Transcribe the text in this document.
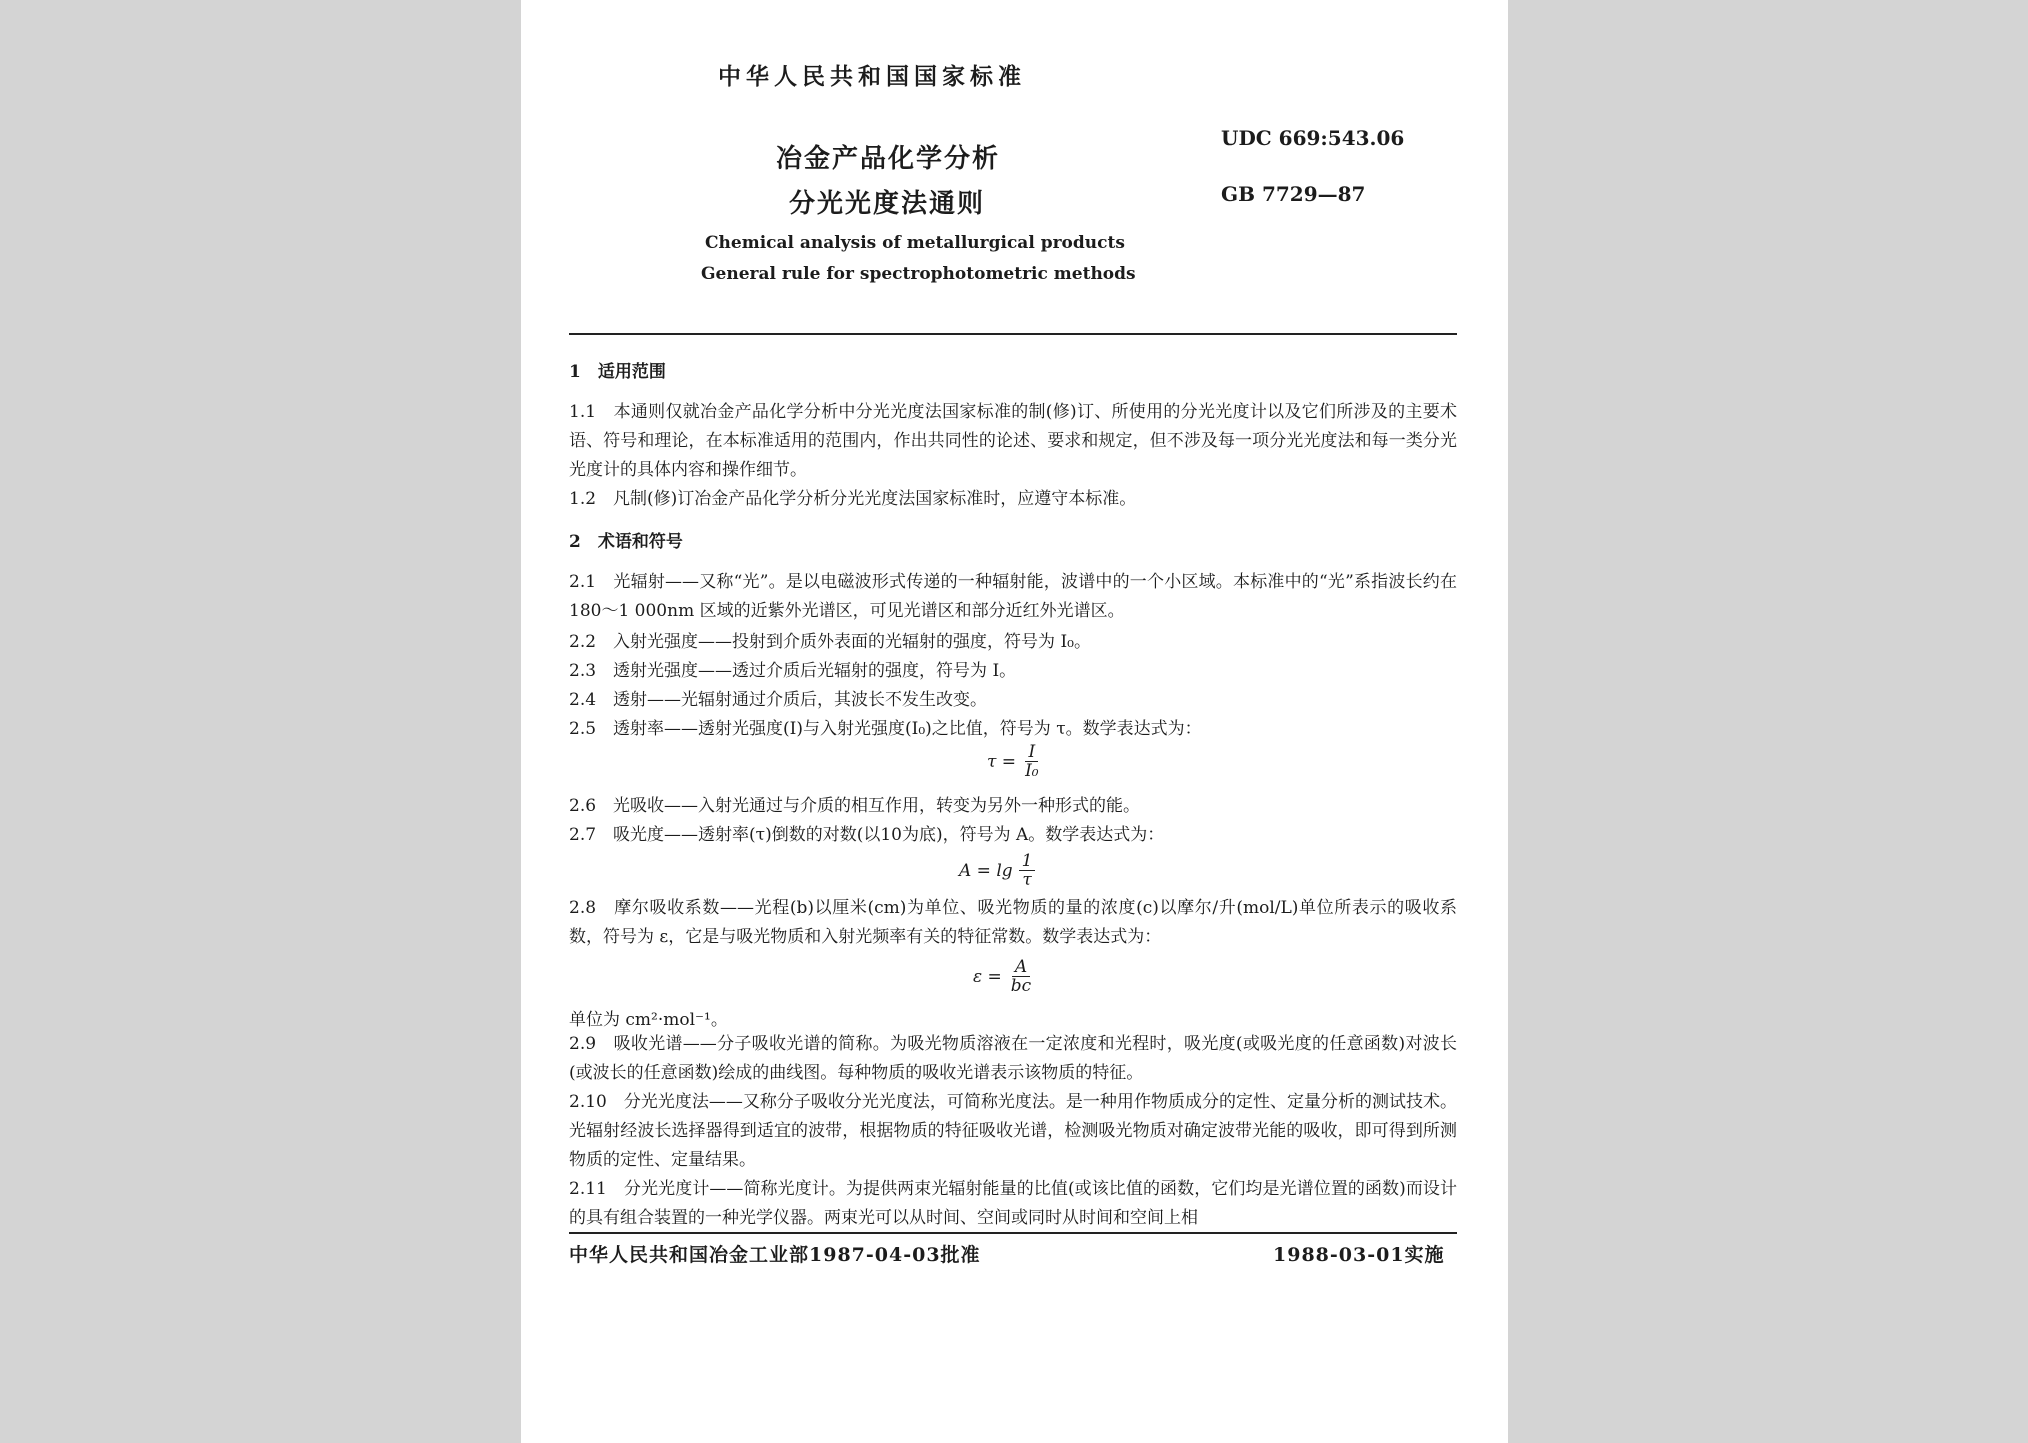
中华人民共和国国家标准
冶金产品化学分析
分光光度法通则
UDC 669:543.06
GB 7729—87
Chemical analysis of metallurgical products
General rule for spectrophotometric methods
1　适用范围
1.1　本通则仅就冶金产品化学分析中分光光度法国家标准的制(修)订、所使用的分光光度计以及它们所涉及的主要术语、符号和理论，在本标准适用的范围内，作出共同性的论述、要求和规定，但不涉及每一项分光光度法和每一类分光光度计的具体内容和操作细节。
1.2　凡制(修)订冶金产品化学分析分光光度法国家标准时，应遵守本标准。
2　术语和符号
2.1　光辐射——又称“光”。是以电磁波形式传递的一种辐射能，波谱中的一个小区域。本标准中的“光”系指波长约在180～1 000nm 区域的近紫外光谱区，可见光谱区和部分近红外光谱区。
2.2　入射光强度——投射到介质外表面的光辐射的强度，符号为 I₀。
2.3　透射光强度——透过介质后光辐射的强度，符号为 I。
2.4　透射——光辐射通过介质后，其波长不发生改变。
2.5　透射率——透射光强度(I)与入射光强度(I₀)之比值，符号为 τ。数学表达式为：
$\tau = \frac{I}{\text{I₀}}$
2.6　光吸收——入射光通过与介质的相互作用，转变为另外一种形式的能。
2.7　吸光度——透射率(τ)倒数的对数(以10为底)，符号为 A。数学表达式为：
$A = \lg \frac{1}{\tau}$
2.8　摩尔吸收系数——光程(b)以厘米(cm)为单位、吸光物质的量的浓度(c)以摩尔/升(mol/L)单位所表示的吸收系数，符号为 ε，它是与吸光物质和入射光频率有关的特征常数。数学表达式为：
$\varepsilon = \frac{A}{bc}$
单位为 cm²·mol⁻¹。
2.9　吸收光谱——分子吸收光谱的简称。为吸光物质溶液在一定浓度和光程时，吸光度(或吸光度的任意函数)对波长(或波长的任意函数)绘成的曲线图。每种物质的吸收光谱表示该物质的特征。
2.10　分光光度法——又称分子吸收分光光度法，可简称光度法。是一种用作物质成分的定性、定量分析的测试技术。光辐射经波长选择器得到适宜的波带，根据物质的特征吸收光谱，检测吸光物质对确定波带光能的吸收，即可得到所测物质的定性、定量结果。
2.11　分光光度计——简称光度计。为提供两束光辐射能量的比值(或该比值的函数，它们均是光谱位置的函数)而设计的具有组合装置的一种光学仪器。两束光可以从时间、空间或同时从时间和空间上相
中华人民共和国冶金工业部1987-04-03批准	1988-03-01实施
